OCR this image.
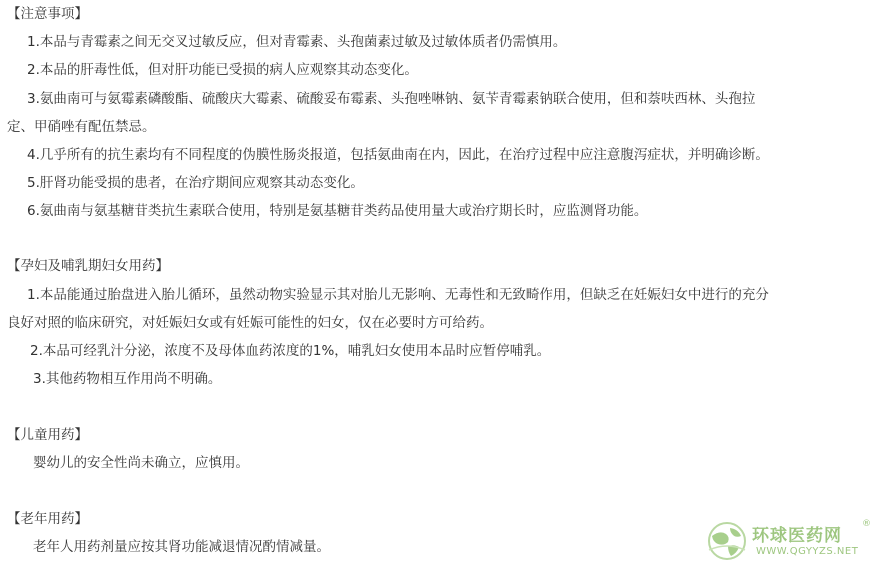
【注意事项】
1.本品与青霉素之间无交叉过敏反应，但对青霉素、头孢菌素过敏及过敏体质者仍需慎用。
2.本品的肝毒性低，但对肝功能已受损的病人应观察其动态变化。
3.氨曲南可与氨霉素磷酸酯、硫酸庆大霉素、硫酸妥布霉素、头孢唑啉钠、氨苄青霉素钠联合使用，但和萘呋西林、头孢拉
定、甲硝唑有配伍禁忌。
4.几乎所有的抗生素均有不同程度的伪膜性肠炎报道，包括氨曲南在内，因此，在治疗过程中应注意腹泻症状，并明确诊断。
5.肝肾功能受损的患者，在治疗期间应观察其动态变化。
6.氨曲南与氨基糖苷类抗生素联合使用，特别是氨基糖苷类药品使用量大或治疗期长时，应监测肾功能。
【孕妇及哺乳期妇女用药】
1.本品能通过胎盘进入胎儿循环，虽然动物实验显示其对胎儿无影响、无毒性和无致畸作用，但缺乏在妊娠妇女中进行的充分
良好对照的临床研究，对妊娠妇女或有妊娠可能性的妇女，仅在必要时方可给药。
2.本品可经乳汁分泌，浓度不及母体血药浓度的1%，哺乳妇女使用本品时应暂停哺乳。
3.其他药物相互作用尚不明确。
【儿童用药】
婴幼儿的安全性尚未确立，应慎用。
【老年用药】
老年人用药剂量应按其肾功能减退情况酌情减量。
环球医药网
®
WWW.QGYYZS.NET
